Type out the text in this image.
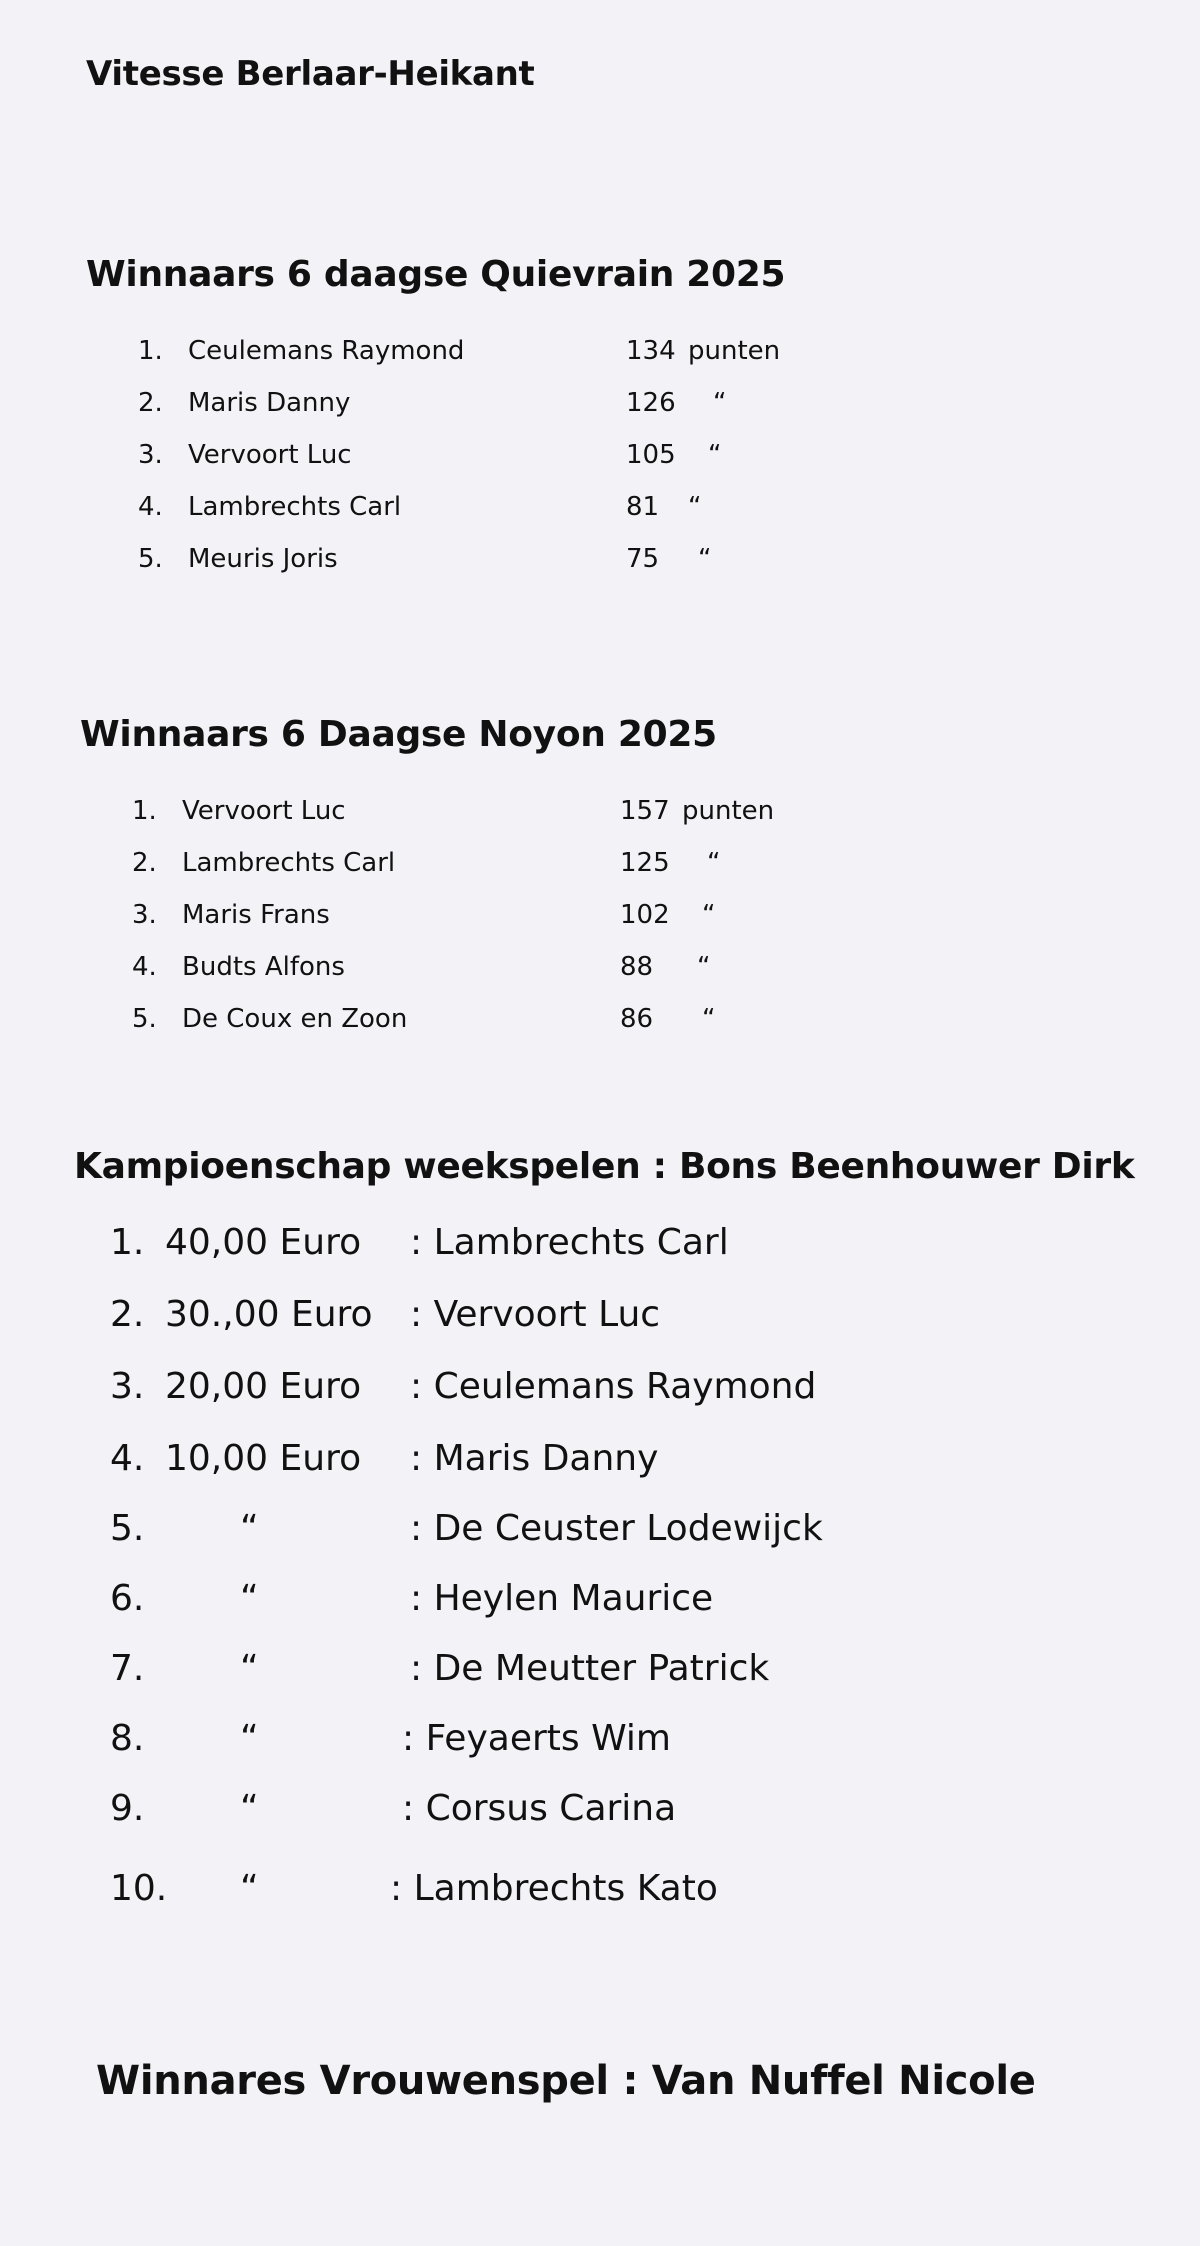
Vitesse Berlaar-Heikant
Winnaars 6 daagse Quievrain 2025
1. Ceulemans Raymond	134 punten
2. Maris Danny	126 “
3. Vervoort Luc	105 “
4. Lambrechts Carl	81 “
5. Meuris Joris	75 “
Winnaars 6 Daagse Noyon 2025
1. Vervoort Luc	157 punten
2. Lambrechts Carl	125 “
3. Maris Frans	102 “
4. Budts Alfons	88 “
5. De Coux en Zoon	86 “
Kampioenschap weekspelen : Bons Beenhouwer Dirk
1. 40,00 Euro : Lambrechts Carl
2. 30.,00 Euro : Vervoort Luc
3. 20,00 Euro : Ceulemans Raymond
4. 10,00 Euro : Maris Danny
5.	“	: De Ceuster Lodewijck
6.	“	: Heylen Maurice
7.	“	: De Meutter Patrick
8.	“	: Feyaerts Wim
9.	“	: Corsus Carina
10. “	: Lambrechts Kato
Winnares Vrouwenspel : Van Nuffel Nicole
